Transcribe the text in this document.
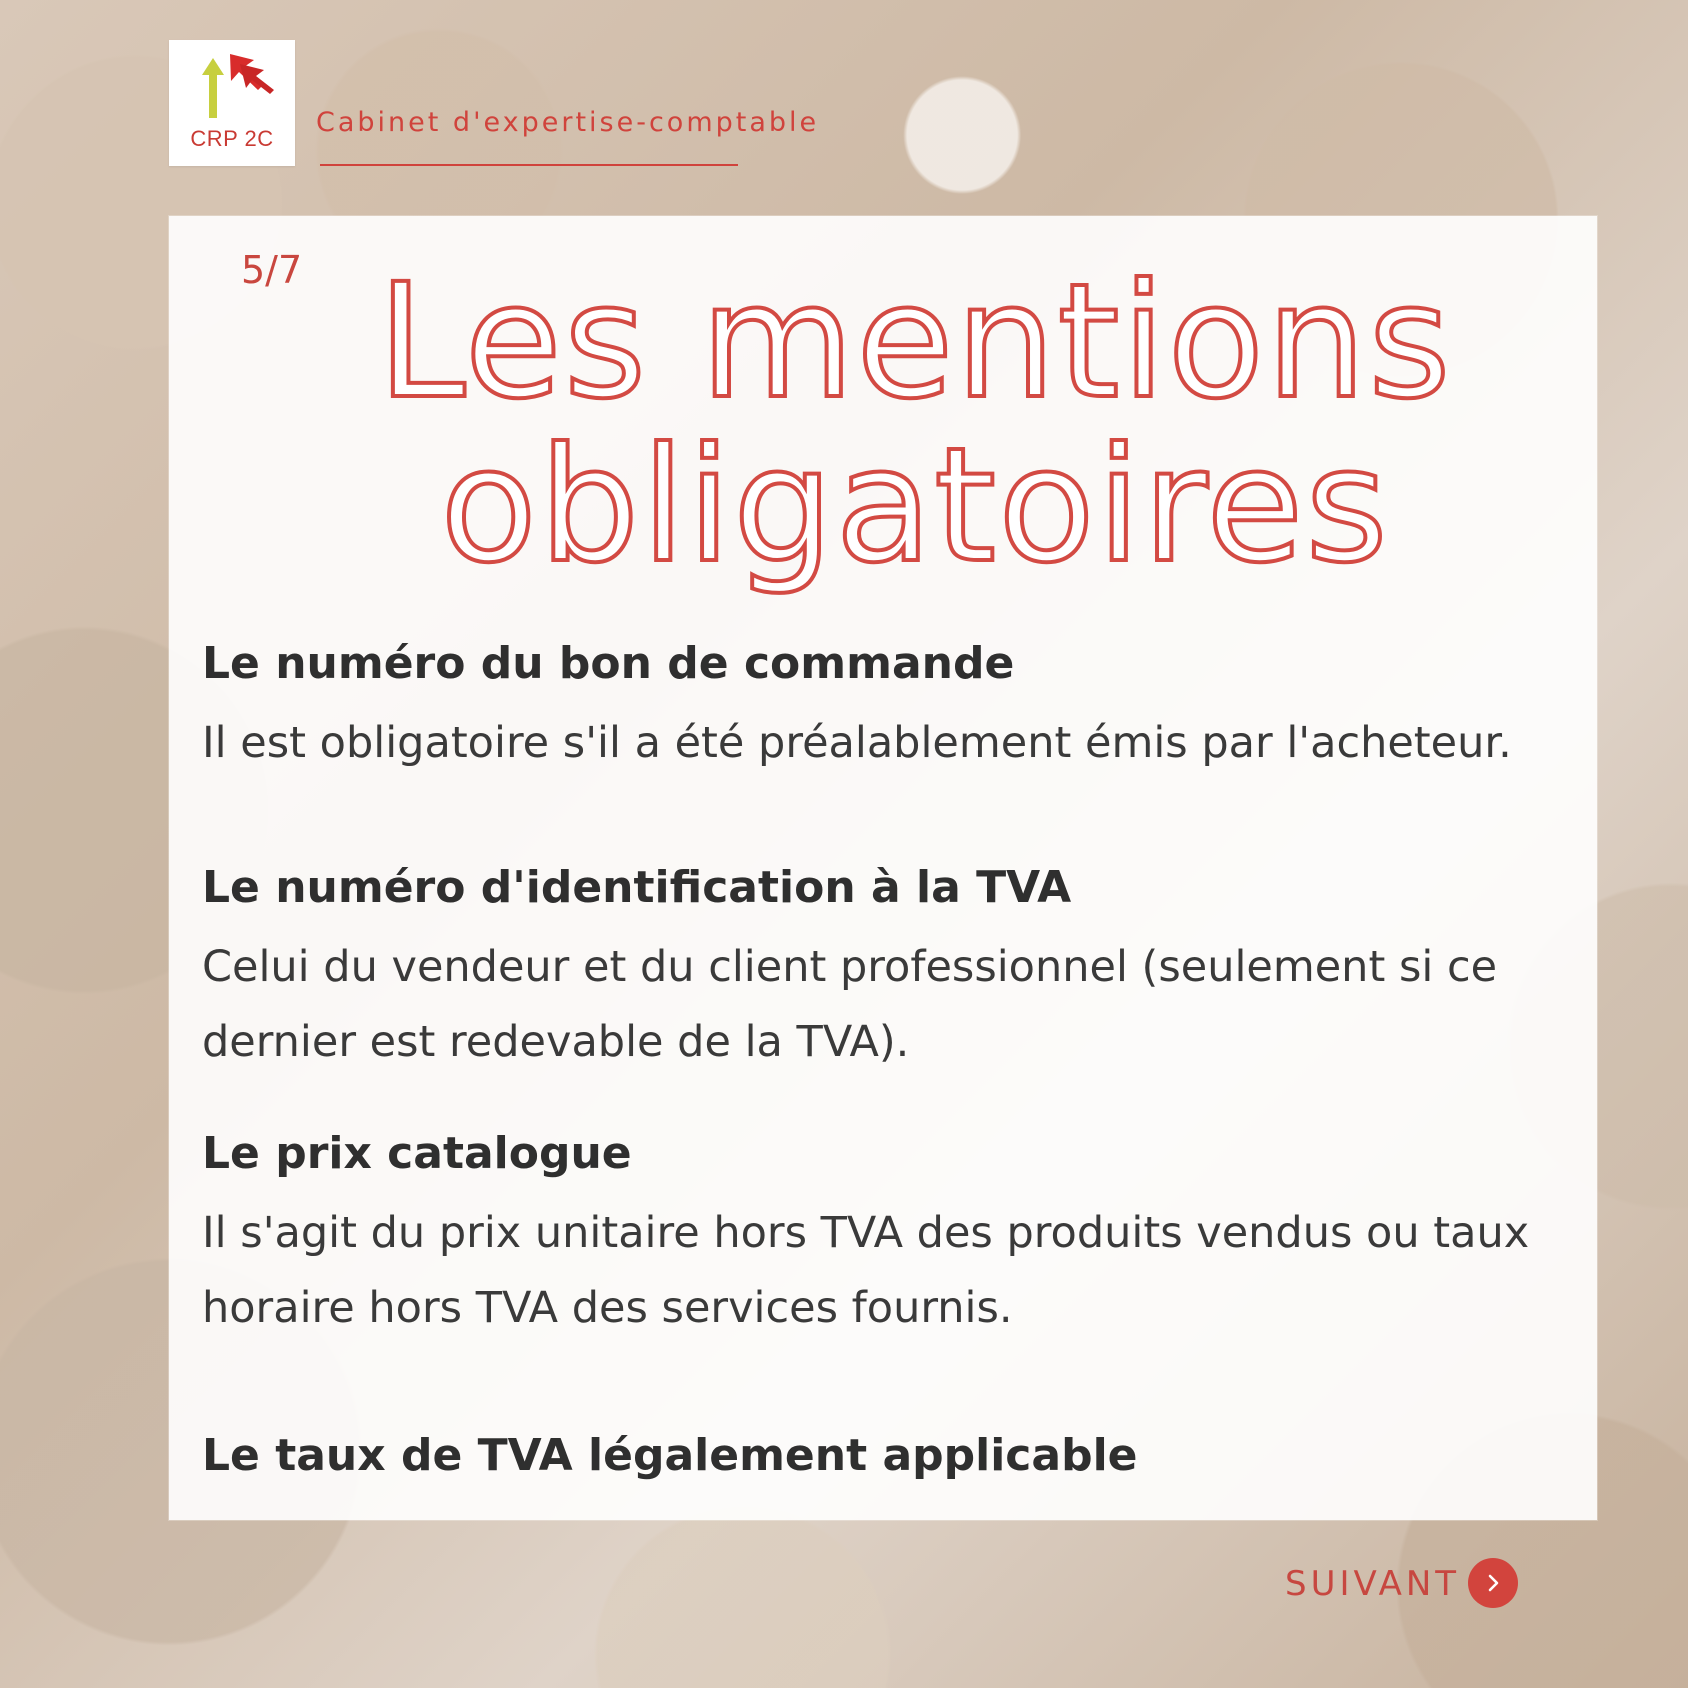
CRP 2C
Cabinet d'expertise-comptable
5/7 Les mentions
obligatoires
Le numéro du bon de commande
Il est obligatoire s'il a été préalablement émis par l'acheteur.
Le numéro d'identification à la TVA
Celui du vendeur et du client professionnel (seulement si ce dernier est redevable de la TVA).
Le prix catalogue
Il s'agit du prix unitaire hors TVA des produits vendus ou taux horaire hors TVA des services fournis.
Le taux de TVA légalement applicable
SUIVANT
